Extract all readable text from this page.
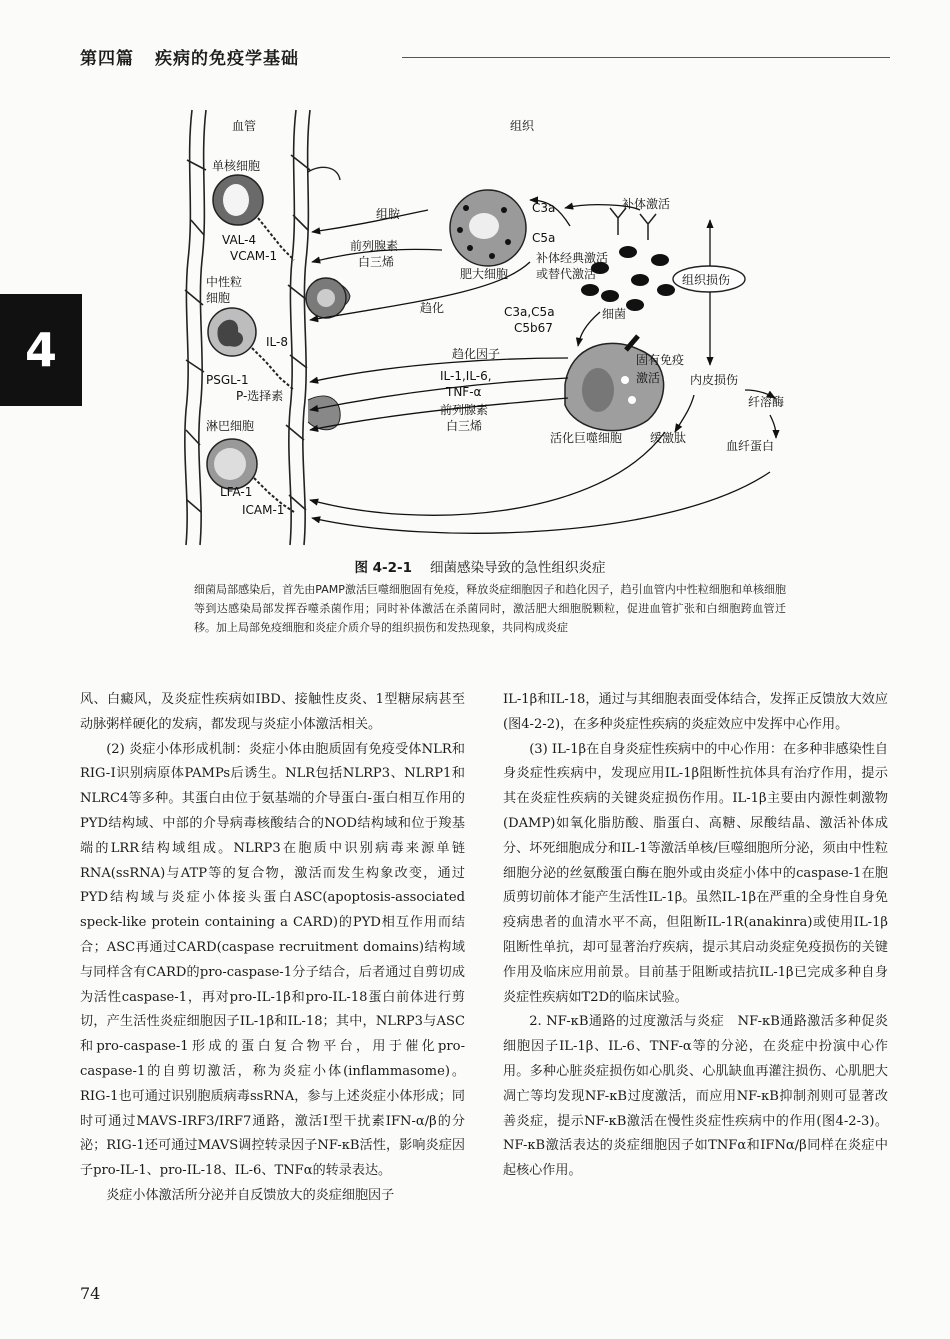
第四篇 疾病的免疫学基础
4
血管	组织
单核细胞
VAL-4
VCAM-1
中性粒
细胞
IL-8
PSGL-1
P-选择素
淋巴细胞
LFA-1
ICAM-1
组胺
前列腺素
白三烯
肥大细胞
C3a
C5a
补体激活
补体经典激活
或替代激活	组织损伤
趋化	C3a,C5a
C5b67
细菌
趋化因子
IL-1,IL-6,
TNF-α
前列腺素
白三烯
固有免疫
激活 内皮损伤
纤溶酶
活化巨噬细胞 缓激肽
血纤蛋白
图 4-2-1 细菌感染导致的急性组织炎症
细菌局部感染后，首先由PAMP激活巨噬细胞固有免疫，释放炎症细胞因子和趋化因子，趋引血管内中性粒细胞和单核细胞等到达感染局部发挥吞噬杀菌作用；同时补体激活在杀菌同时，激活肥大细胞脱颗粒，促进血管扩张和白细胞跨血管迁移。加上局部免疫细胞和炎症介质介导的组织损伤和发热现象，共同构成炎症

风、白癜风，及炎症性疾病如IBD、接触性皮炎、1型糖尿病甚至动脉粥样硬化的发病，都发现与炎症小体激活相关。

(2) 炎症小体形成机制：炎症小体由胞质固有免疫受体NLR和RIG-Ⅰ识别病原体PAMPs后诱生。NLR包括NLRP3、NLRP1和NLRC4等多种。其蛋白由位于氨基端的介导蛋白-蛋白相互作用的PYD结构域、中部的介导病毒核酸结合的NOD结构域和位于羧基端的LRR结构域组成。NLRP3在胞质中识别病毒来源单链RNA(ssRNA)与ATP等的复合物，激活而发生构象改变，通过PYD结构域与炎症小体接头蛋白ASC(apoptosis-associated speck-like protein containing a CARD)的PYD相互作用而结合；ASC再通过CARD(caspase recruitment domains)结构域与同样含有CARD的pro-caspase-1分子结合，后者通过自剪切成为活性caspase-1，再对pro-IL-1β和pro-IL-18蛋白前体进行剪切，产生活性炎症细胞因子IL-1β和IL-18；其中，NLRP3与ASC和pro-caspase-1形成的蛋白复合物平台，用于催化pro-caspase-1的自剪切激活，称为炎症小体(inflammasome)。RIG-1也可通过识别胞质病毒ssRNA，参与上述炎症小体形成；同时可通过MAVS-IRF3/IRF7通路，激活Ⅰ型干扰素IFN-α/β的分泌；RIG-1还可通过MAVS调控转录因子NF-κB活性，影响炎症因子pro-IL-1、pro-IL-18、IL-6、TNFα的转录表达。

炎症小体激活所分泌并自反馈放大的炎症细胞因子

IL-1β和IL-18，通过与其细胞表面受体结合，发挥正反馈放大效应(图4-2-2)，在多种炎症性疾病的炎症效应中发挥中心作用。

(3) IL-1β在自身炎症性疾病中的中心作用：在多种非感染性自身炎症性疾病中，发现应用IL-1β阻断性抗体具有治疗作用，提示其在炎症性疾病的关键炎症损伤作用。IL-1β主要由内源性刺激物(DAMP)如氧化脂肪酸、脂蛋白、高糖、尿酸结晶、激活补体成分、坏死细胞成分和IL-1等激活单核/巨噬细胞所分泌，须由中性粒细胞分泌的丝氨酸蛋白酶在胞外或由炎症小体中的caspase-1在胞质剪切前体才能产生活性IL-1β。虽然IL-1β在严重的全身性自身免疫病患者的血清水平不高，但阻断IL-1R(anakinra)或使用IL-1β阻断性单抗，却可显著治疗疾病，提示其启动炎症免疫损伤的关键作用及临床应用前景。目前基于阻断或拮抗IL-1β已完成多种自身炎症性疾病如T2D的临床试验。

2. NF-κB通路的过度激活与炎症　NF-κB通路激活多种促炎细胞因子IL-1β、IL-6、TNF-α等的分泌，在炎症中扮演中心作用。多种心脏炎症损伤如心肌炎、心肌缺血再灌注损伤、心肌肥大凋亡等均发现NF-κB过度激活，而应用NF-κB抑制剂则可显著改善炎症，提示NF-κB激活在慢性炎症性疾病中的作用(图4-2-3)。NF-κB激活表达的炎症细胞因子如TNFα和IFNα/β同样在炎症中起核心作用。

74
